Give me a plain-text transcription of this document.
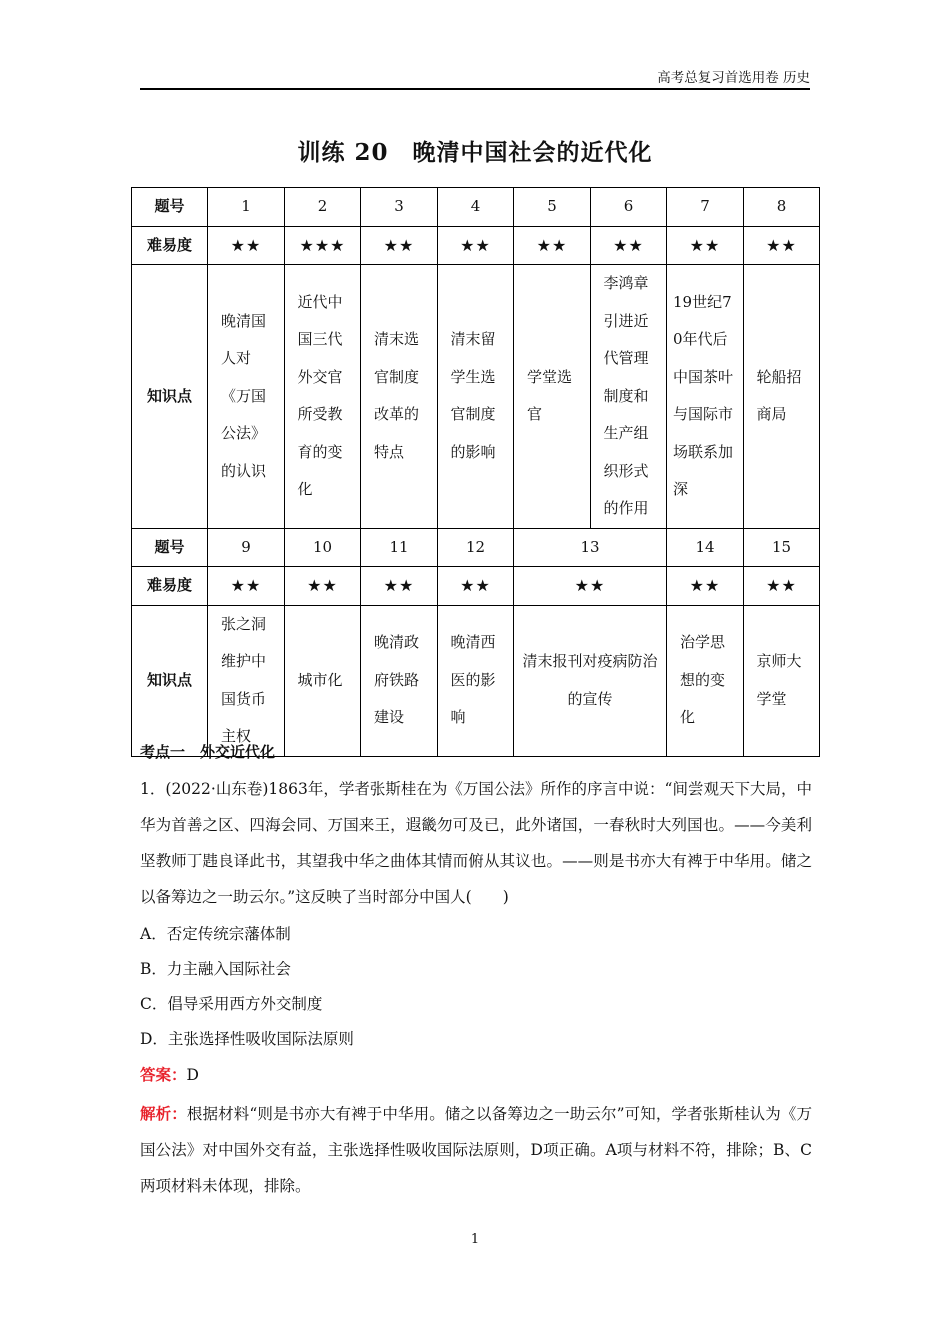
高考总复习首选用卷 历史
训练 20　晚清中国社会的近代化
题号	1	2	3	4	5	6	7	8
难易度	★★	★★★	★★	★★	★★	★★	★★	★★
知识点	晚清国人对《万国公法》的认识	近代中国三代外交官所受教育的变化	清末选官制度改革的特点	清末留学生选官制度的影响	学堂选官	李鸿章引进近代管理制度和生产组织形式的作用	19世纪70年代后中国茶叶与国际市场联系加深	轮船招商局
题号	9	10	11	12	13		14	15
难易度	★★	★★	★★	★★	★★		★★	★★
知识点	张之洞维护中国货币主权	城市化	晚清政府铁路建设	晚清西医的影响	清末报刊对疫病防治的宣传		治学思想的变化	京师大学堂
考点一　外交近代化
1．(2022·山东卷)1863年，学者张斯桂在为《万国公法》所作的序言中说：“间尝观天下大局，中华为首善之区、四海会同、万国来王，遐畿勿可及已，此外诸国，一春秋时大列国也。——今美利坚教师丁韪良译此书，其望我中华之曲体其情而俯从其议也。——则是书亦大有裨于中华用。储之以备筹边之一助云尔。”这反映了当时部分中国人(　　)
A．否定传统宗藩体制
B．力主融入国际社会
C．倡导采用西方外交制度
D．主张选择性吸收国际法原则
答案：D
解析：根据材料“则是书亦大有裨于中华用。储之以备筹边之一助云尔”可知，学者张斯桂认为《万国公法》对中国外交有益，主张选择性吸收国际法原则，D项正确。A项与材料不符，排除；B、C两项材料未体现，排除。
1
